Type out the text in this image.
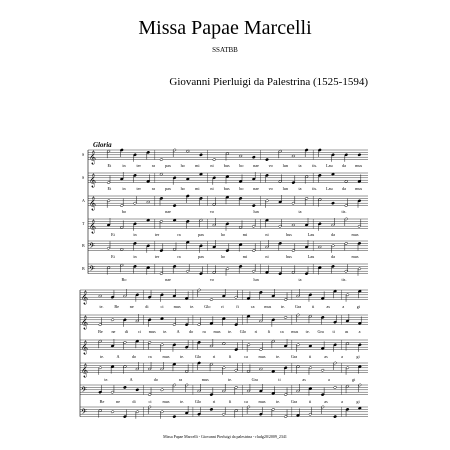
Missa Papae Marcelli
SSATBB
Giovanni Pierluigi da Palestrina (1525-1594)
Gloria
𝄞
S
Et	in	ter	ra pax ho mi	ni bus bo nae vo lun ta	tis. Lau da mus
𝄞
S
Et	in	ter	ra pax ho mi	ni bus bo nae vo lun ta	tis. Lau da mus
𝄞
A
bo	nae	vo	lun	ta	tis.
𝄞
T
Et	in	ter	ra	pax	ho	mi	ni	bus	Lau	da	mus
𝄢
B
Et	in	ter	ra	pax	ho	mi	ni	bus	Lau	da	mus
𝄢
B
Bo	nae	vo	lun	ta	tis.
𝄞
te.	Be	ne	di	ci mus te. Glo	ri	fi	ca mus te. Gra	ti	as	a	gi
𝄞
Be ne di ci mus te. A do ra mus te. Glo ri fi ca mus te. Gra ti as a
𝄞
te.	A	do	ra	mus te.	Glo	ri	fi	ca	mus te.	Gra	ti	as	a	gi
𝄞
te.	A	do	ra	mus	te.	Gra	ti	as	a	gi
𝄢
Be	ne	di	ci	mus te.	Glo	ri	fi	ca	mus te.	Gra	ti	as	a	gi
𝄢
Missa Papae Marcelli - Giovanni Pierluigi da palestrina - rludg20/2009_2341
